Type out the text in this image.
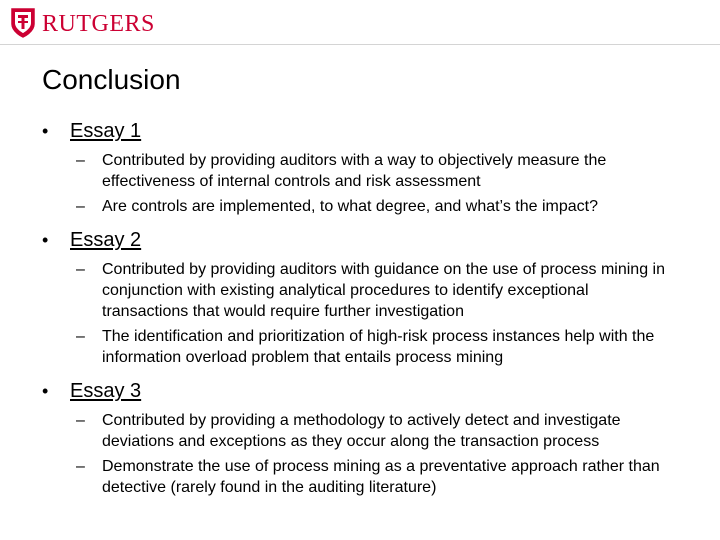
RUTGERS
Conclusion
•	Essay 1
–	Contributed by providing auditors with a way to objectively measure the effectiveness of internal controls and risk assessment
–	Are controls are implemented, to what degree, and what’s the impact?
•	Essay 2
–	Contributed by providing auditors with guidance on the use of process mining in conjunction with existing analytical procedures to identify exceptional transactions that would require further investigation
–	The identification and prioritization of high-risk process instances help with the information overload problem that entails process mining
•	Essay 3
–	Contributed by providing a methodology to actively detect and investigate deviations and exceptions as they occur along the transaction process
–	Demonstrate the use of process mining as a preventative approach rather than detective (rarely found in the auditing literature)
